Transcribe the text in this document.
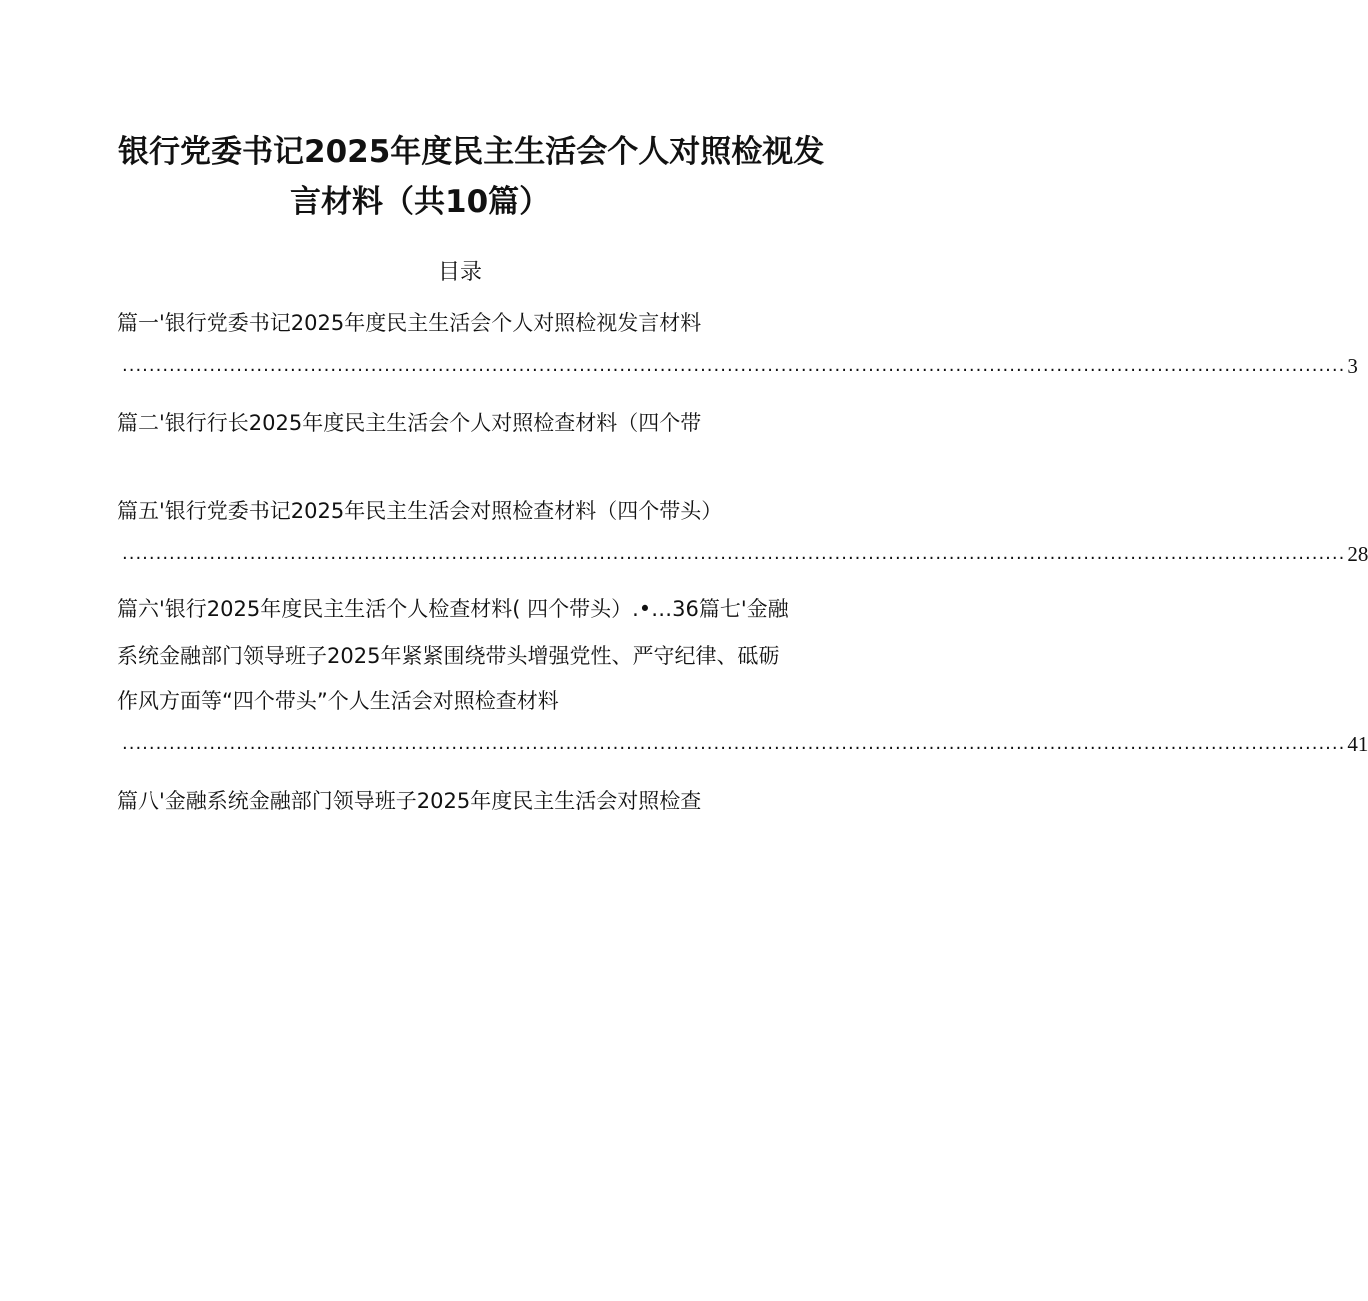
银行党委书记2025年度民主生活会个人对照检视发
言材料（共10篇）
目录
篇一'银行党委书记2025年度民主生活会个人对照检视发言材料
...................................................................................................................................................................................... 3
篇二'银行行长2025年度民主生活会个人对照检查材料（四个带
篇五'银行党委书记2025年民主生活会对照检查材料（四个带头）
...................................................................................................................................................................................... 28
篇六'银行2025年度民主生活个人检查材料( 四个带头）.•…36篇七'金融
系统金融部门领导班子2025年紧紧围绕带头增强党性、严守纪律、砥砺
作风方面等“四个带头”个人生活会对照检查材料
...................................................................................................................................................................................... 41
篇八'金融系统金融部门领导班子2025年度民主生活会对照检查
